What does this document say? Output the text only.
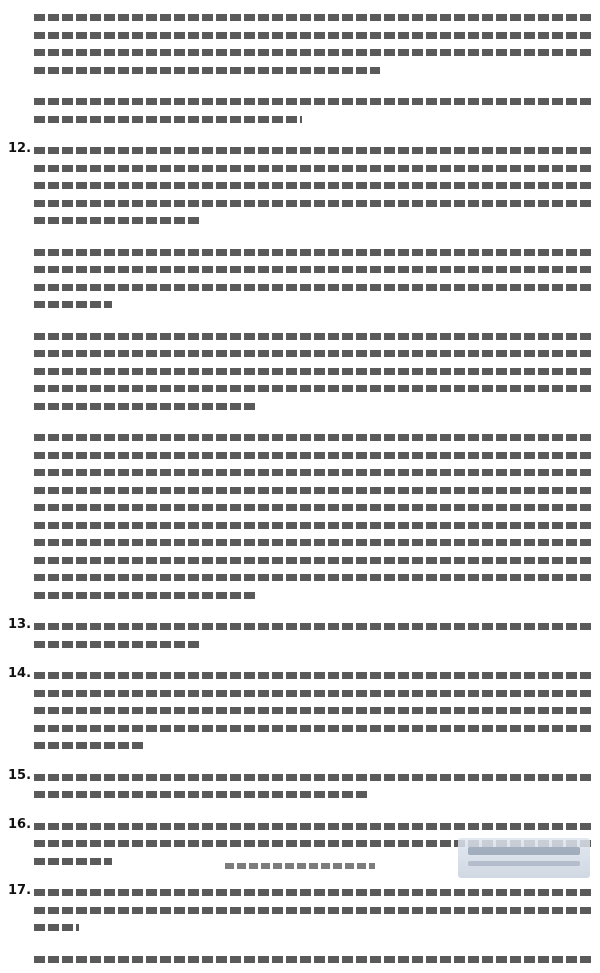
12.
13.
14.
15.
16.
17.
